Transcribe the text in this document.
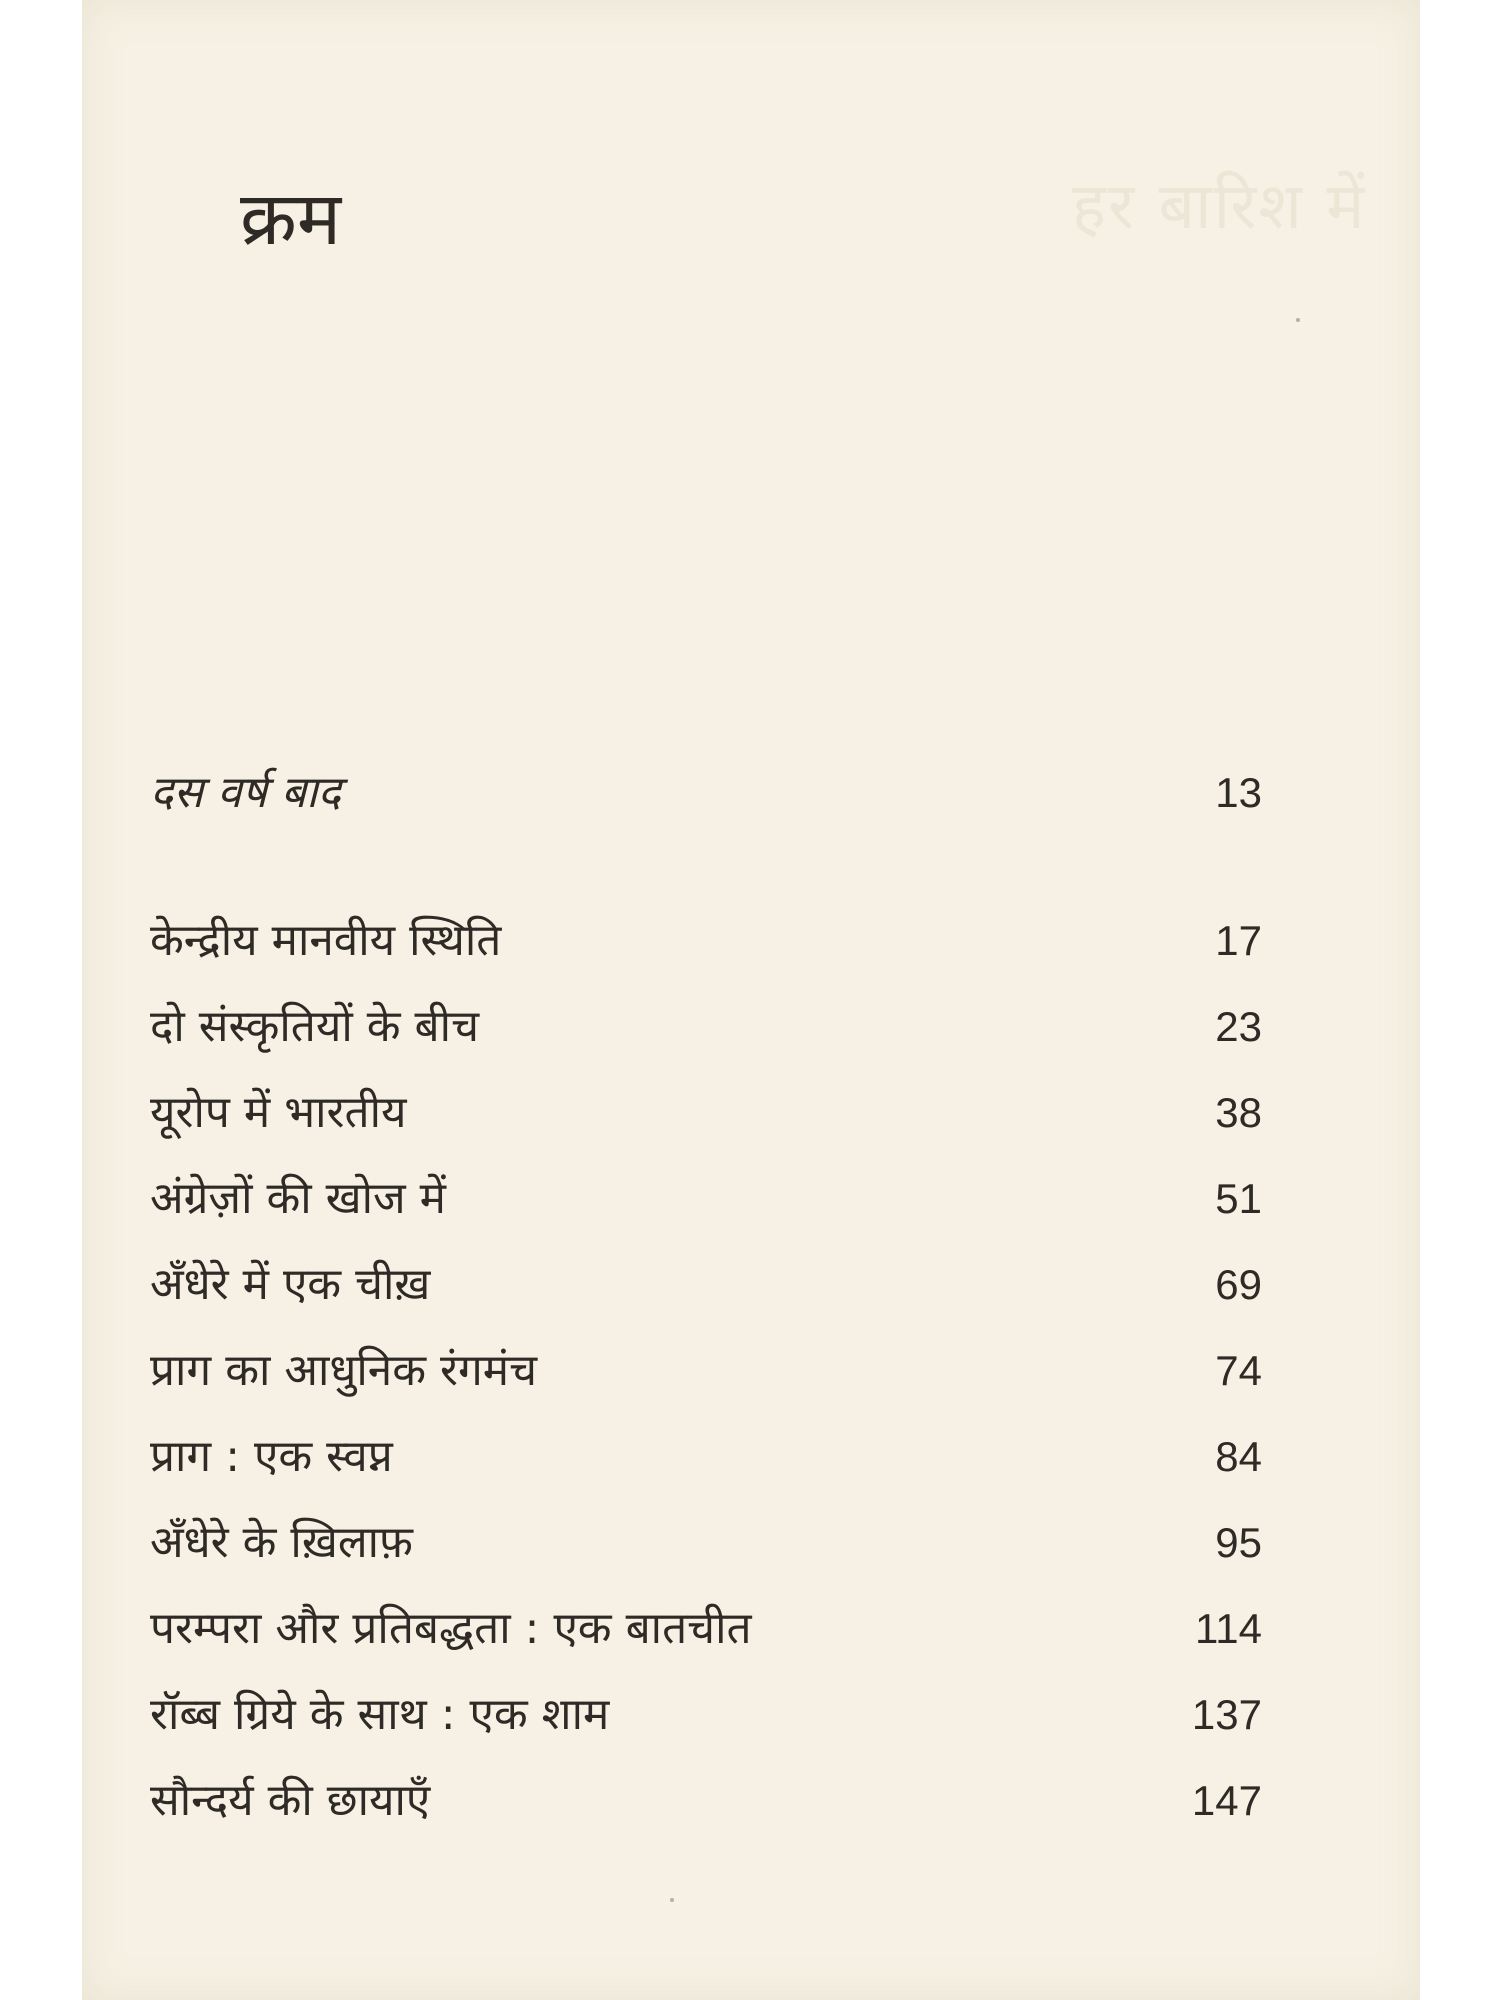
हर बारिश में
क्रम
दस वर्ष बाद	13
केन्द्रीय मानवीय स्थिति	17
दो संस्कृतियों के बीच	23
यूरोप में भारतीय	38
अंग्रेज़ों की खोज में	51
अँधेरे में एक चीख़	69
प्राग का आधुनिक रंगमंच	74
प्राग : एक स्वप्न	84
अँधेरे के ख़िलाफ़	95
परम्परा और प्रतिबद्धता : एक बातचीत	114
रॉब्ब ग्रिये के साथ : एक शाम	137
सौन्दर्य की छायाएँ	147
